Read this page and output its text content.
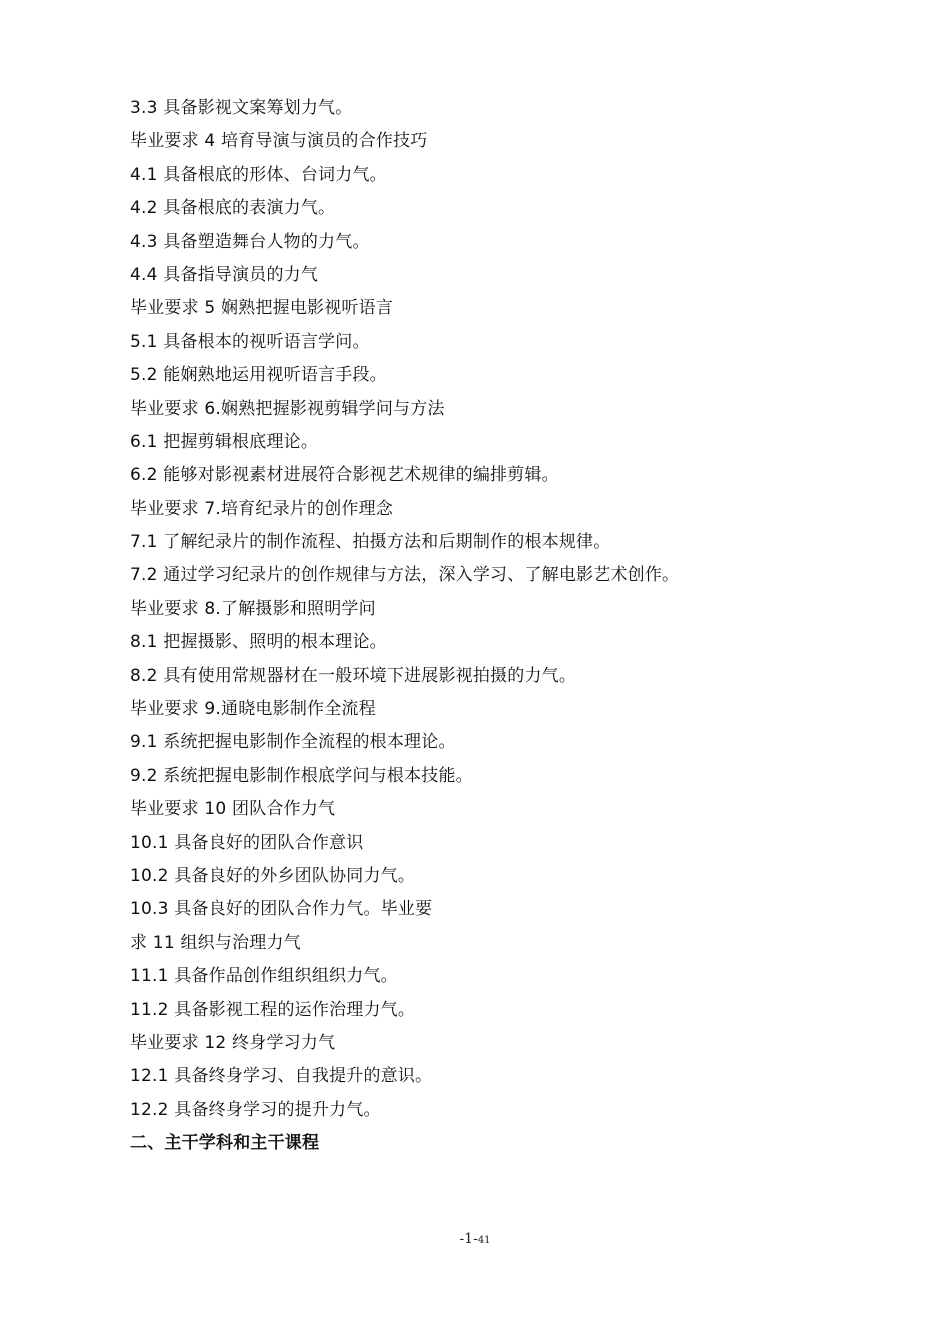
3.3 具备影视文案筹划力气。
毕业要求 4 培育导演与演员的合作技巧
4.1 具备根底的形体、台词力气。
4.2 具备根底的表演力气。
4.3 具备塑造舞台人物的力气。
4.4 具备指导演员的力气
毕业要求 5 娴熟把握电影视听语言
5.1 具备根本的视听语言学问。
5.2 能娴熟地运用视听语言手段。
毕业要求 6.娴熟把握影视剪辑学问与方法
6.1 把握剪辑根底理论。
6.2 能够对影视素材进展符合影视艺术规律的编排剪辑。
毕业要求 7.培育纪录片的创作理念
7.1 了解纪录片的制作流程、拍摄方法和后期制作的根本规律。
7.2 通过学习纪录片的创作规律与方法，深入学习、了解电影艺术创作。
毕业要求 8.了解摄影和照明学问
8.1 把握摄影、照明的根本理论。
8.2 具有使用常规器材在一般环境下进展影视拍摄的力气。
毕业要求 9.通晓电影制作全流程
9.1 系统把握电影制作全流程的根本理论。
9.2 系统把握电影制作根底学问与根本技能。
毕业要求 10 团队合作力气
10.1 具备良好的团队合作意识
10.2 具备良好的外乡团队协同力气。
10.3 具备良好的团队合作力气。毕业要
求 11 组织与治理力气
11.1 具备作品创作组织组织力气。
11.2 具备影视工程的运作治理力气。
毕业要求 12 终身学习力气
12.1 具备终身学习、自我提升的意识。
12.2 具备终身学习的提升力气。
二、主干学科和主干课程
-1-41
